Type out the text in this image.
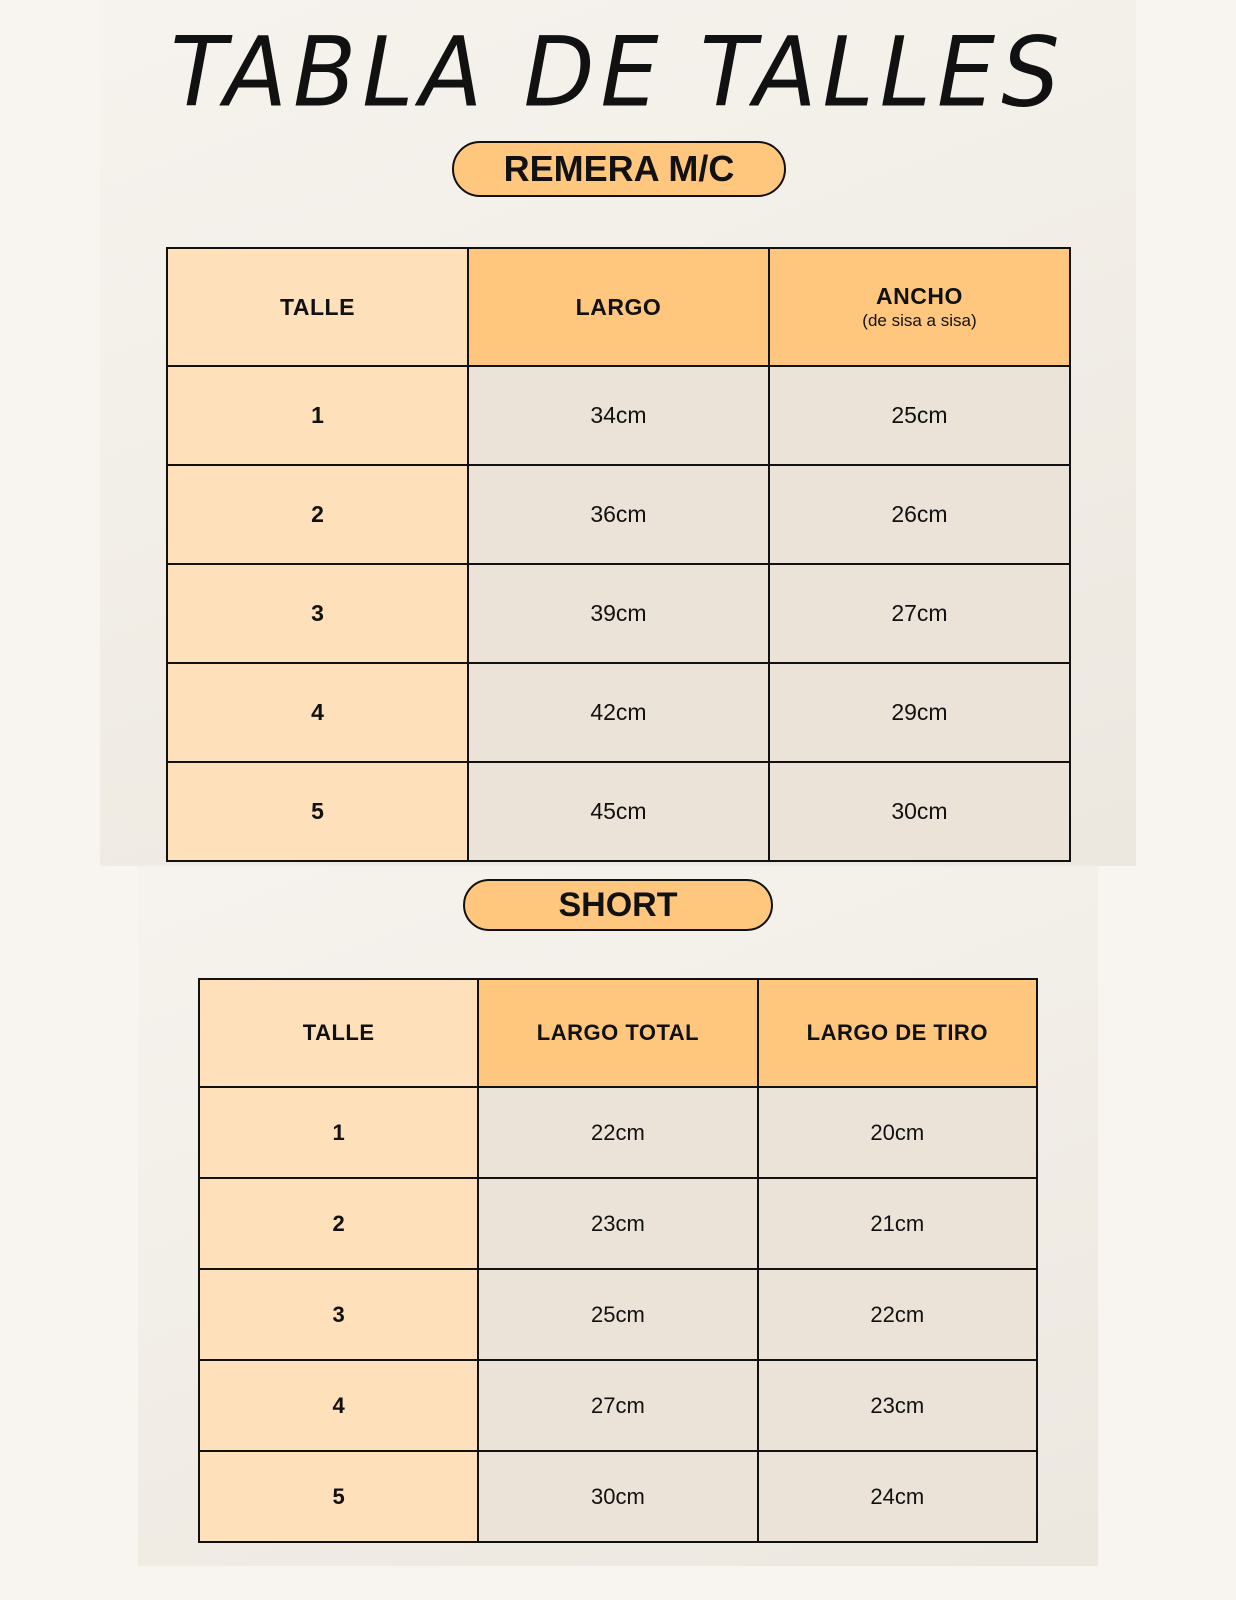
TABLA DE TALLES
REMERA M/C
TALLE	LARGO	ANCHO
(de sisa a sisa)

1	34cm	25cm
2	36cm	26cm
3	39cm	27cm
4	42cm	29cm
5	45cm	30cm
SHORT
TALLE	LARGO TOTAL	LARGO DE TIRO
1	22cm	20cm
2	23cm	21cm
3	25cm	22cm
4	27cm	23cm
5	30cm	24cm
